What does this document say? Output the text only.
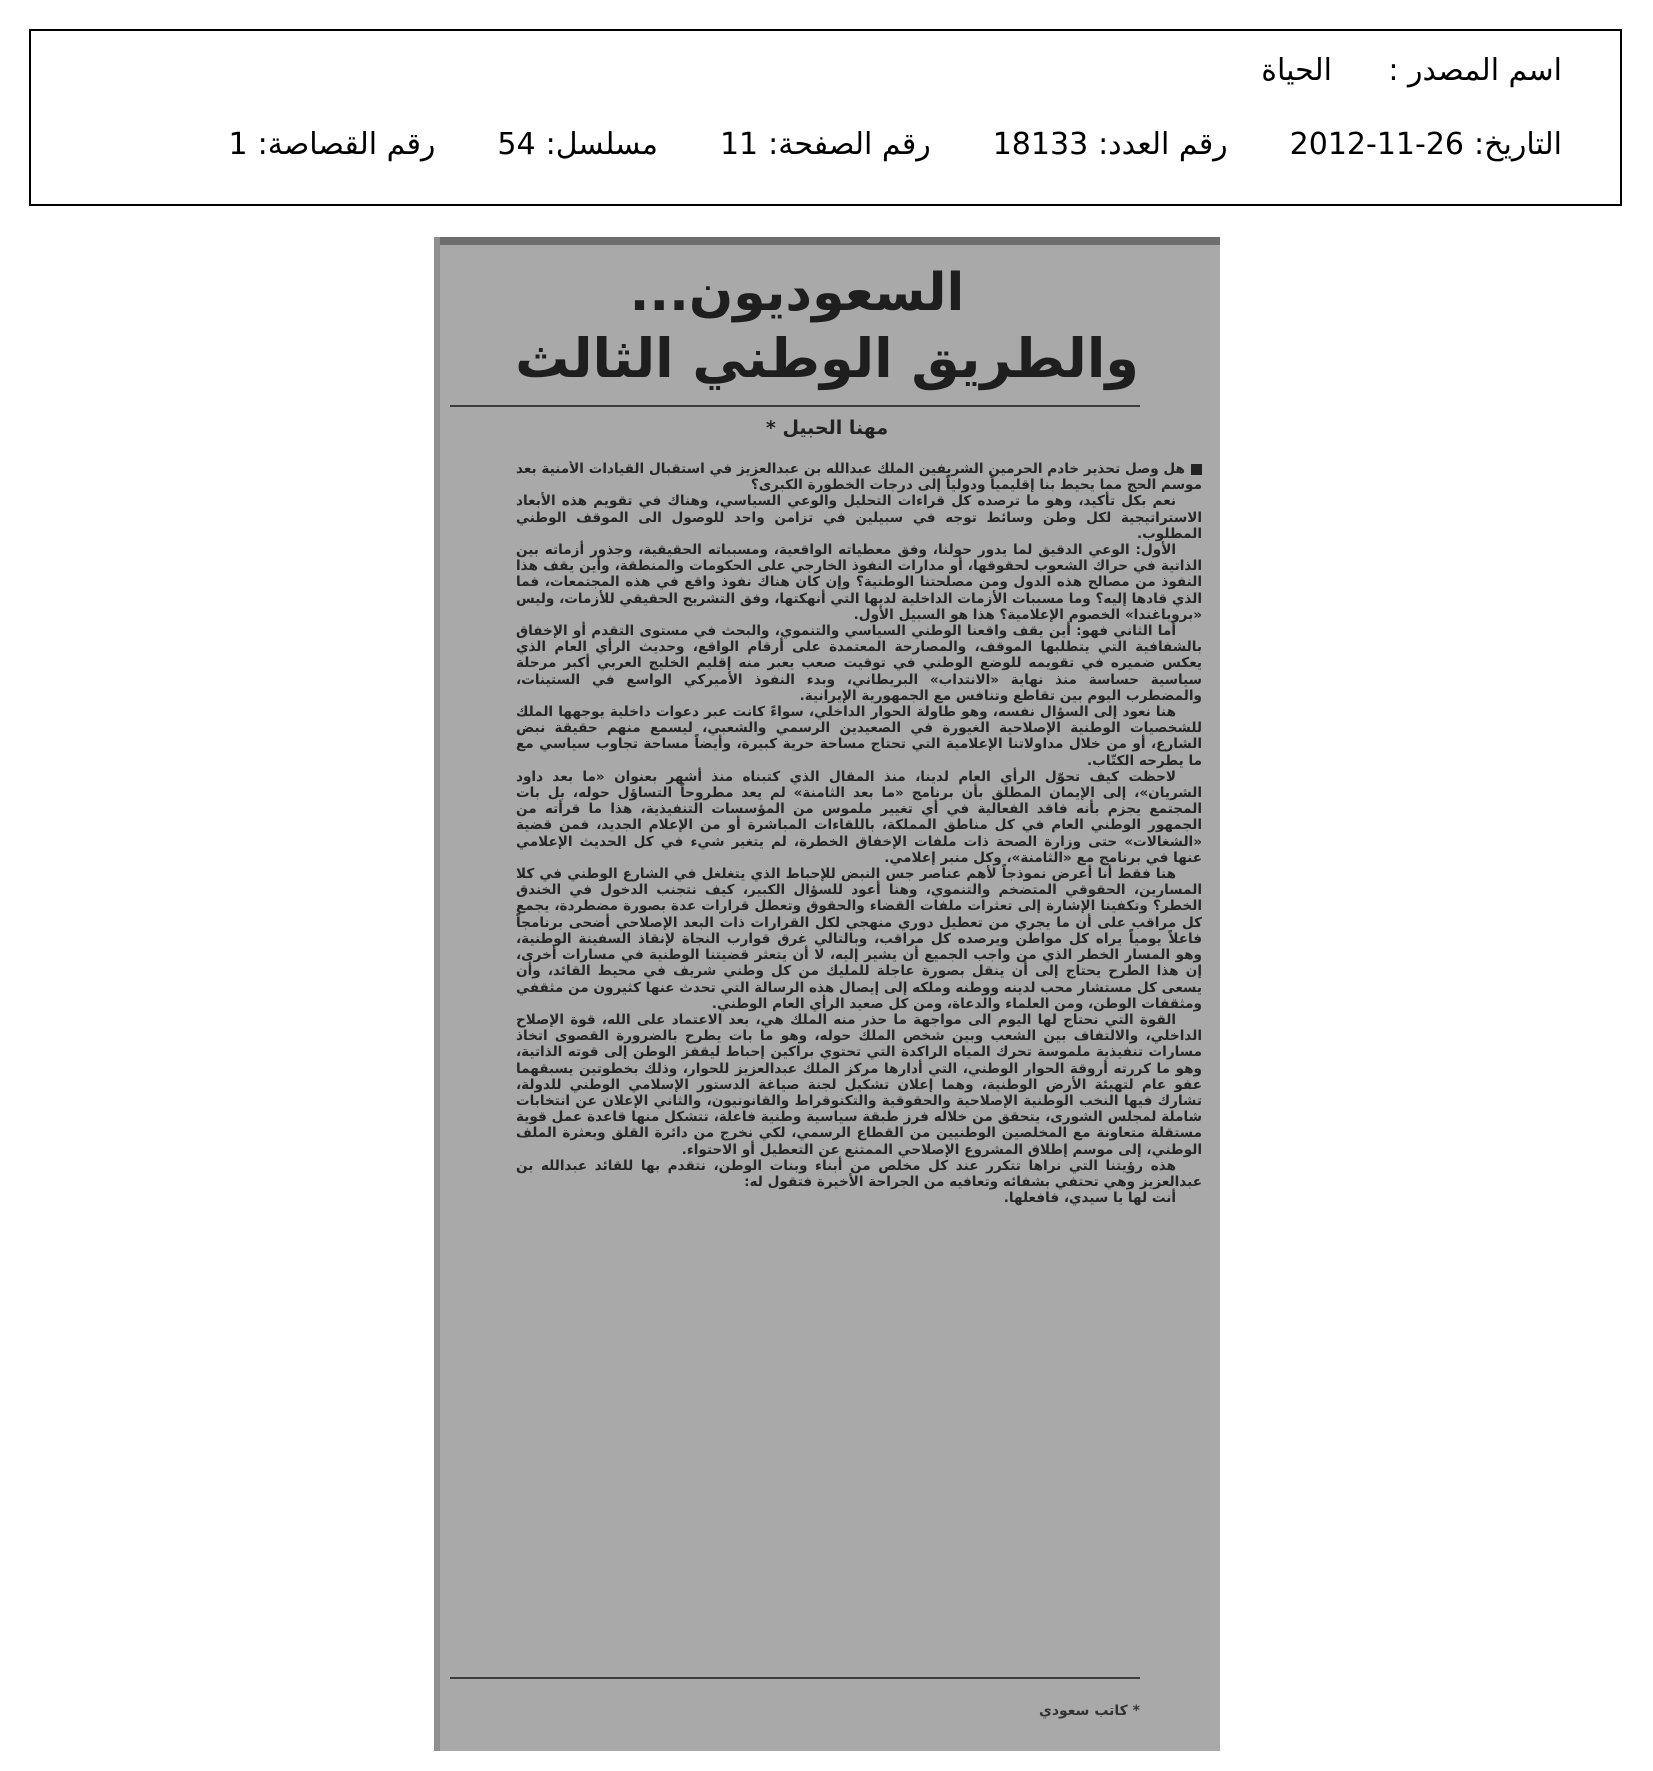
اسم المصدر :
الحياة
التاريخ:
2012-11-26
رقم العدد:
18133
رقم الصفحة:
11
مسلسل:
54
رقم القصاصة:
1
السعوديون...
والطريق الوطني الثالث
مهنا الحبيل *

هل وصل تحذير خادم الحرمين الشريفين الملك عبدالله بن عبدالعزيز في استقبال القيادات الأمنية بعد موسم الحج مما يحيط بنا إقليمياً ودولياً إلى درجات الخطورة الكبرى؟

نعم بكل تأكيد، وهو ما ترصده كل قراءات التحليل والوعي السياسي، وهناك في تقويم هذه الأبعاد الاستراتيجية لكل وطن وسائط توجه في سبيلين في تزامن واحد للوصول الى الموقف الوطني المطلوب.

الأول: الوعي الدقيق لما يدور حولنا، وفق معطياته الواقعية، ومسبباته الحقيقية، وجذور أزماته بين الذاتية في حراك الشعوب لحقوقها، أو مدارات النفوذ الخارجي على الحكومات والمنطقة، وأين يقف هذا النفوذ من مصالح هذه الدول ومن مصلحتنا الوطنية؟ وإن كان هناك نفوذ واقع في هذه المجتمعات، فما الذي قادها إليه؟ وما مسببات الأزمات الداخلية لديها التي أنهكتها، وفق التشريح الحقيقي للأزمات، وليس «بروباغندا» الخصوم الإعلامية؟ هذا هو السبيل الأول.

أما الثاني فهو: أين يقف واقعنا الوطني السياسي والتنموي، والبحث في مستوى التقدم أو الإخفاق بالشفافية التي يتطلبها الموقف، والمصارحة المعتمدة على أرقام الواقع، وحديث الرأي العام الذي يعكس ضميره في تقويمه للوضع الوطني في توقيت صعب يعبر منه إقليم الخليج العربي أكبر مرحلة سياسية حساسة منذ نهاية «الانتداب» البريطاني، وبدء النفوذ الأميركي الواسع في الستينات، والمضطرب اليوم بين تقاطع وتنافس مع الجمهورية الإيرانية.

هنا نعود إلى السؤال نفسه، وهو طاولة الحوار الداخلي، سواءً كانت عبر دعوات داخلية يوجهها الملك للشخصيات الوطنية الإصلاحية الغيورة في الصعيدين الرسمي والشعبي، ليسمع منهم حقيقة نبض الشارع، أو من خلال مداولاتنا الإعلامية التي تحتاج مساحة حرية كبيرة، وأيضاً مساحة تجاوب سياسي مع ما يطرحه الكتّاب.

لاحظت كيف تحوّل الرأي العام لدينا، منذ المقال الذي كتبناه منذ أشهر بعنوان «ما بعد داود الشريان»، إلى الإيمان المطلق بأن برنامج «ما بعد الثامنة» لم يعد مطروحاً التساؤل حوله، بل بات المجتمع يجزم بأنه فاقد الفعالية في أي تغيير ملموس من المؤسسات التنفيذية، هذا ما قرأته من الجمهور الوطني العام في كل مناطق المملكة، باللقاءات المباشرة أو من الإعلام الجديد، فمن قضية «الشغالات» حتى وزارة الصحة ذات ملفات الإخفاق الخطرة، لم يتغير شيء في كل الحديث الإعلامي عنها في برنامج مع «الثامنة»، وكل منبر إعلامي.

هنا فقط أنا أعرض نموذجاً لأهم عناصر جس النبض للإحباط الذي يتغلغل في الشارع الوطني في كلا المسارين، الحقوقي المتضخم والتنموي، وهنا أعود للسؤال الكبير، كيف نتجنب الدخول في الخندق الخطر؟ وتكفينا الإشارة إلى تعثرات ملفات القضاء والحقوق وتعطل قرارات عدة بصورة مضطردة، يجمع كل مراقب على أن ما يجري من تعطيل دوري منهجي لكل القرارات ذات البعد الإصلاحي أضحى برنامجاً فاعلاً يومياً يراه كل مواطن ويرصده كل مراقب، وبالتالي غرق قوارب النجاة لإنقاذ السفينة الوطنية، وهو المسار الخطر الذي من واجب الجميع أن يشير إليه، لا أن يتعثر قضيتنا الوطنية في مسارات أخرى، إن هذا الطرح يحتاج إلى أن ينقل بصورة عاجلة للمليك من كل وطني شريف في محيط القائد، وأن يسعى كل مستشار محب لدينه ووطنه وملكه إلى إيصال هذه الرسالة التي تحدث عنها كثيرون من مثقفي ومثقفات الوطن، ومن العلماء والدعاة، ومن كل صعيد الرأي العام الوطني.

القوة التي نحتاج لها اليوم الى مواجهة ما حذر منه الملك هي، بعد الاعتماد على الله، قوة الإصلاح الداخلي، والالتفاف بين الشعب وبين شخص الملك حوله، وهو ما بات يطرح بالضرورة القصوى اتخاذ مسارات تنفيذية ملموسة تحرك المياه الراكدة التي تحتوي براكين إحباط ليقفز الوطن إلى قوته الذاتية، وهو ما كررته أروقة الحوار الوطني، التي أدارها مركز الملك عبدالعزيز للحوار، وذلك بخطوتين يسبقهما عفو عام لتهيئة الأرض الوطنية، وهما إعلان تشكيل لجنة صياغة الدستور الإسلامي الوطني للدولة، تشارك فيها النخب الوطنية الإصلاحية والحقوقية والتكنوقراط والقانونيون، والثاني الإعلان عن انتخابات شاملة لمجلس الشورى، يتحقق من خلاله فرز طبقة سياسية وطنية فاعلة، تتشكل منها قاعدة عمل قوية مستقلة متعاونة مع المخلصين الوطنيين من القطاع الرسمي، لكي نخرج من دائرة القلق وبعثرة الملف الوطني، إلى موسم إطلاق المشروع الإصلاحي الممتنع عن التعطيل أو الاحتواء.

هذه رؤيتنا التي نراها تتكرر عند كل مخلص من أبناء وبنات الوطن، نتقدم بها للقائد عبدالله بن عبدالعزيز وهي تحتفي بشفائه وتعافيه من الجراحة الأخيرة فتقول له:

أنت لها يا سيدي، فافعلها.

* كاتب سعودي
